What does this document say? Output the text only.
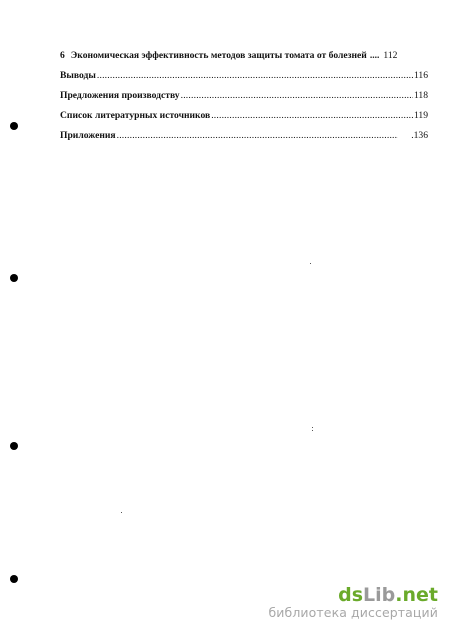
6 Экономическая эффективность методов защиты томата от болезней .... 112
Выводы .....	116
Предложения производству .....	118
Список литературных источников .....	119
Приложения .....	.136
dsLib.net
библиотека диссертаций
